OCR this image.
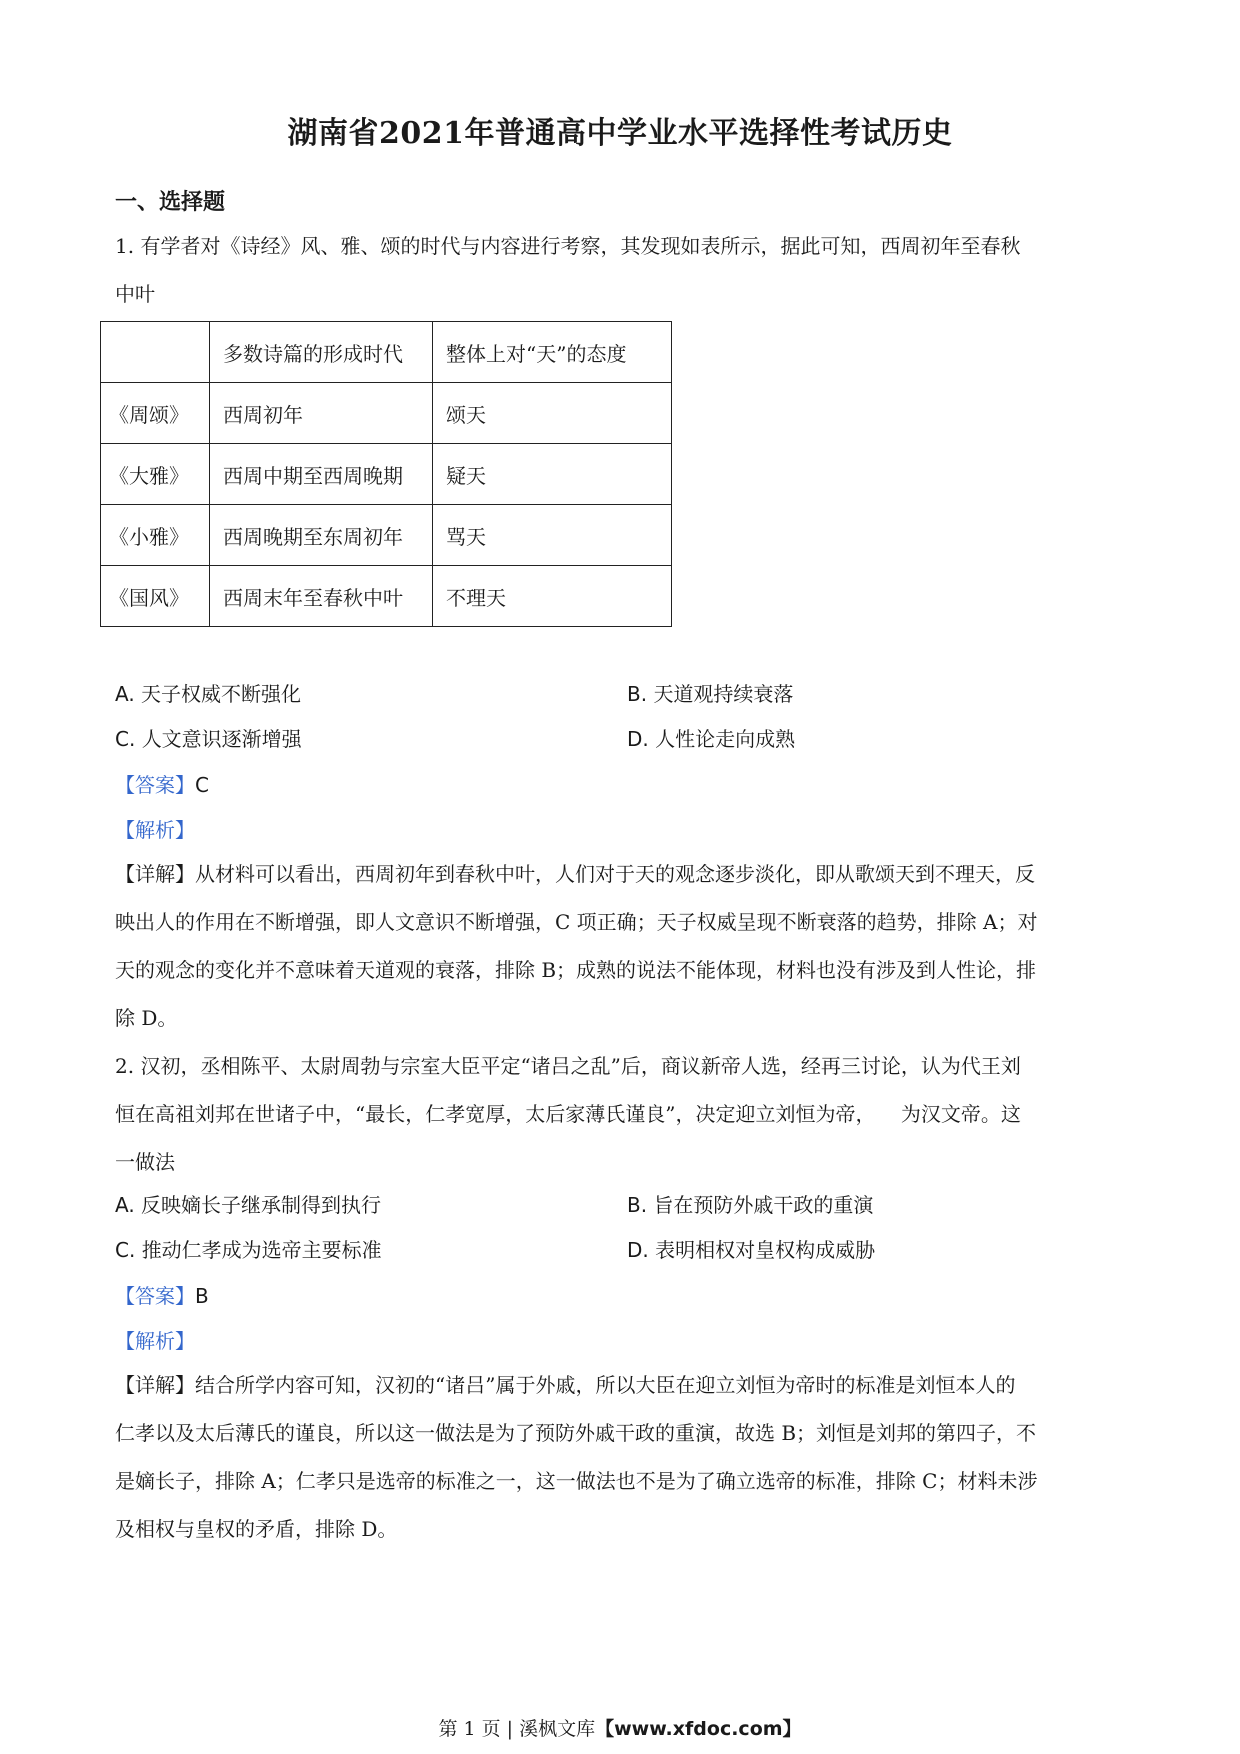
湖南省2021年普通高中学业水平选择性考试历史
一、选择题
1. 有学者对《诗经》风、雅、颂的时代与内容进行考察，其发现如表所示，据此可知，西周初年至春秋
中叶
	多数诗篇的形成时代	整体上对“天”的态度
《周颂》	西周初年	颂天
《大雅》	西周中期至西周晚期	疑天
《小雅》	西周晚期至东周初年	骂天
《国风》	西周末年至春秋中叶	不理天
A. 天子权威不断强化	B. 天道观持续衰落
C. 人文意识逐渐增强	D. 人性论走向成熟
【答案】C
【解析】
【详解】从材料可以看出，西周初年到春秋中叶，人们对于天的观念逐步淡化，即从歌颂天到不理天，反
映出人的作用在不断增强，即人文意识不断增强，C 项正确；天子权威呈现不断衰落的趋势，排除 A；对
天的观念的变化并不意味着天道观的衰落，排除 B；成熟的说法不能体现，材料也没有涉及到人性论，排
除 D。
2. 汉初，丞相陈平、太尉周勃与宗室大臣平定“诸吕之乱”后，商议新帝人选，经再三讨论，认为代王刘
恒在高祖刘邦在世诸子中，“最长，仁孝宽厚，太后家薄氏谨良”，决定迎立刘恒为帝，    为汉文帝。这
一做法
A. 反映嫡长子继承制得到执行	B. 旨在预防外戚干政的重演
C. 推动仁孝成为选帝主要标准	D. 表明相权对皇权构成威胁
【答案】B
【解析】
【详解】结合所学内容可知，汉初的“诸吕”属于外戚，所以大臣在迎立刘恒为帝时的标准是刘恒本人的
仁孝以及太后薄氏的谨良，所以这一做法是为了预防外戚干政的重演，故选 B；刘恒是刘邦的第四子，不
是嫡长子，排除 A；仁孝只是选帝的标准之一，这一做法也不是为了确立选帝的标准，排除 C；材料未涉
及相权与皇权的矛盾，排除 D。
第 1 页 | 溪枫文库【www.xfdoc.com】
